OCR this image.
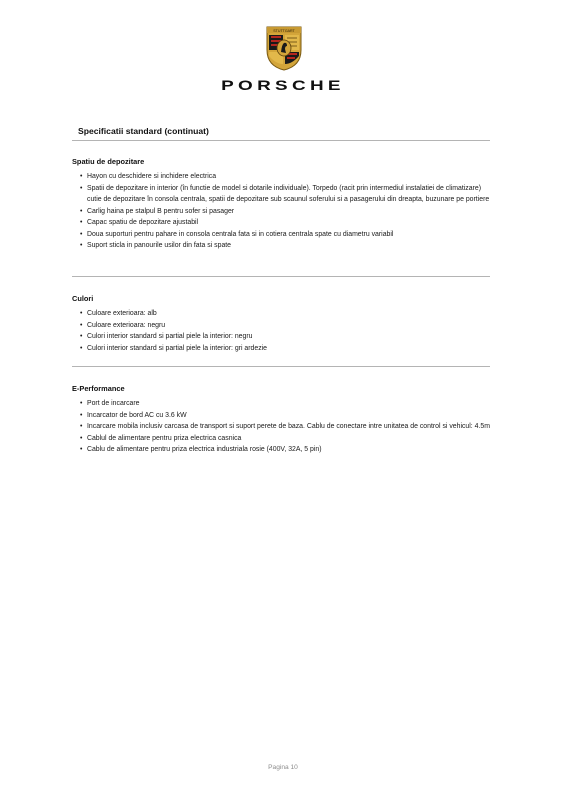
STUTTGART
PORSCHE
Specificatii standard (continuat)
Spatiu de depozitare
• Hayon cu deschidere si inchidere electrica
• Spatii de depozitare in interior (în functie de model si dotarile individuale). Torpedo (racit prin intermediul instalatiei de climatizare) cutie de depozitare în consola centrala, spatii de depozitare sub scaunul soferului si a pasagerului din dreapta, buzunare pe portiere
• Carlig haina pe stalpul B pentru sofer si pasager
• Capac spatiu de depozitare ajustabil
• Doua suporturi pentru pahare in consola centrala fata si in cotiera centrala spate cu diametru variabil
• Suport sticla in panourile usilor din fata si spate
Culori
• Culoare exterioara: alb
• Culoare exterioara: negru
• Culori interior standard si partial piele la interior: negru
• Culori interior standard si partial piele la interior: gri ardezie
E-Performance
• Port de incarcare
• Incarcator de bord AC cu 3.6 kW
• Incarcare mobila inclusiv carcasa de transport si suport perete de baza. Cablu de conectare intre unitatea de control si vehicul: 4.5m
• Cablul de alimentare pentru priza electrica casnica
• Cablu de alimentare pentru priza electrica industriala rosie (400V, 32A, 5 pin)
Pagina 10
